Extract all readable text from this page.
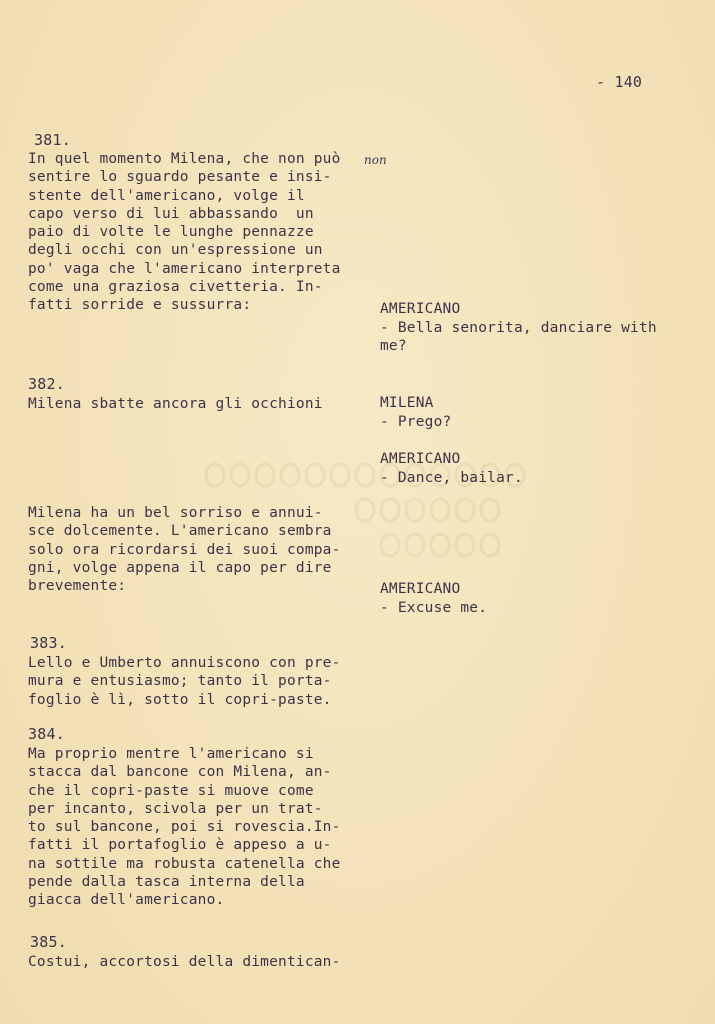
- 140
381.
In quel momento Milena, che non può
sentire lo sguardo pesante e insi-
stente dell'americano, volge il
capo verso di lui abbassando  un
paio di volte le lunghe pennazze
degli occhi con un'espressione un
po' vaga che l'americano interpreta
come una graziosa civetteria. In-
fatti sorride e sussurra:
non
AMERICANO
- Bella senorita, danciare with
me?
382.
Milena sbatte ancora gli occhioni	MILENA
- Prego?
AMERICANO
- Dance, bailar.
Milena ha un bel sorriso e annui-
sce dolcemente. L'americano sembra
solo ora ricordarsi dei suoi compa-
gni, volge appena il capo per dire
brevemente:	AMERICANO
- Excuse me.
383.
Lello e Umberto annuiscono con pre-
mura e entusiasmo; tanto il porta-
foglio è lì, sotto il copri-paste.
384.
Ma proprio mentre l'americano si
stacca dal bancone con Milena, an-
che il copri-paste si muove come
per incanto, scivola per un trat-
to sul bancone, poi si rovescia.In-
fatti il portafoglio è appeso a u-
na sottile ma robusta catenella che
pende dalla tasca interna della
giacca dell'americano.
385.
Costui, accortosi della dimentican-
